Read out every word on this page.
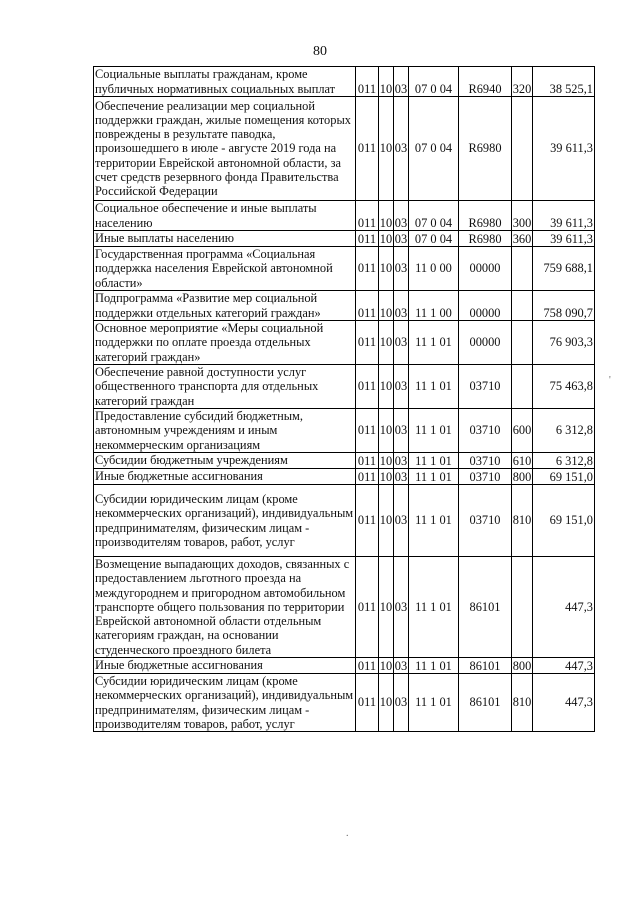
80
Социальные выплаты гражданам, кроме публичных нормативных социальных выплат	011	10	03	07 0 04	R6940	320	38 525,1
Обеспечение реализации мер социальной поддержки граждан, жилые помещения которых повреждены в результате паводка, произошедшего в июле - августе 2019 года на территории Еврейской автономной области, за счет средств резервного фонда Правительства Российской Федерации	011	10	03	07 0 04	R6980		39 611,3
Социальное обеспечение и иные выплаты населению	011	10	03	07 0 04	R6980	300	39 611,3
Иные выплаты населению	011	10	03	07 0 04	R6980	360	39 611,3
Государственная программа «Социальная поддержка населения Еврейской автономной области»	011	10	03	11 0 00	00000		759 688,1
Подпрограмма «Развитие мер социальной поддержки отдельных категорий граждан»	011	10	03	11 1 00	00000		758 090,7
Основное мероприятие «Меры социальной поддержки по оплате проезда отдельных категорий граждан»	011	10	03	11 1 01	00000		76 903,3
Обеспечение равной доступности услуг общественного транспорта для отдельных категорий граждан	011	10	03	11 1 01	03710		75 463,8
Предоставление субсидий бюджетным, автономным учреждениям и иным некоммерческим организациям	011	10	03	11 1 01	03710	600	6 312,8
Субсидии бюджетным учреждениям	011	10	03	11 1 01	03710	610	6 312,8
Иные бюджетные ассигнования	011	10	03	11 1 01	03710	800	69 151,0
Субсидии юридическим лицам (кроме некоммерческих организаций), индивидуальным предпринимателям, физическим лицам - производителям товаров, работ, услуг	011	10	03	11 1 01	03710	810	69 151,0
Возмещение выпадающих доходов, связанных с предоставлением льготного проезда на междугороднем и пригородном автомобильном транспорте общего пользования по территории Еврейской автономной области отдельным категориям граждан, на основании студенческого проездного билета	011	10	03	11 1 01	86101		447,3
Иные бюджетные ассигнования	011	10	03	11 1 01	86101	800	447,3
Субсидии юридическим лицам (кроме некоммерческих организаций), индивидуальным предпринимателям, физическим лицам - производителям товаров, работ, услуг	011	10	03	11 1 01	86101	810	447,3
'
.
